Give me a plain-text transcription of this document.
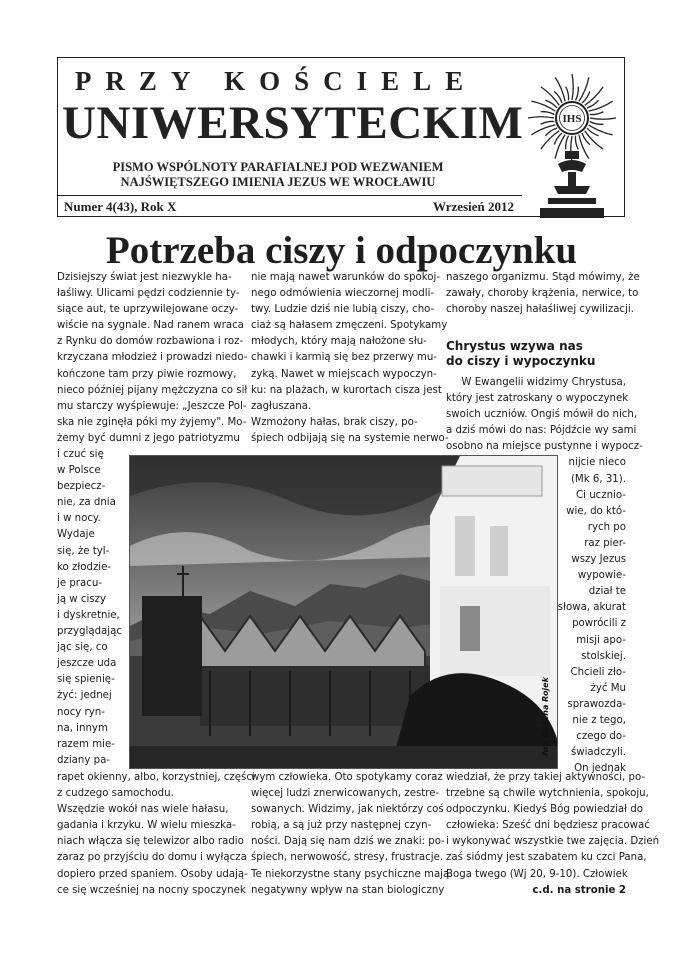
PRZY KOŚCIELE
UNIWERSYTECKIM
PISMO WSPÓLNOTY PARAFIALNEJ POD WEZWANIEM
NAJŚWIĘTSZEGO IMIENIA JEZUS WE WROCŁAWIU
Numer 4(43), Rok X	Wrzesień 2012
IHS
Potrzeba ciszy i odpoczynku
Dzisiejszy świat jest niezwykle ha-
łaśliwy. Ulicami pędzi codziennie ty-
siące aut, te uprzywilejowane oczy-
wiście na sygnale. Nad ranem wraca
z Rynku do domów rozbawiona i roz-
krzyczana młodzież i prowadzi niedo-
kończone tam przy piwie rozmowy,
nieco później pijany mężczyzna co sił
mu starczy wyśpiewuje: „Jeszcze Pol-
ska nie zginęła póki my żyjemy". Mo-
żemy być dumni z jego patriotyzmu
i czuć się
w Polsce
bezpiecz-
nie, za dnia
i w nocy.
Wydaje
się, że tyl-
ko złodzie-
je pracu-
ją w ciszy
i dyskretnie,
przyglądając
jąc się, co
jeszcze uda
się spienię-
żyć: jednej
nocy ryn-
na, innym
razem mie-
dziany pa-
rapet okienny, albo, korzystniej, części
z cudzego samochodu.
Wszędzie wokół nas wiele hałasu,
gadania i krzyku. W wielu mieszka-
niach włącza się telewizor albo radio
zaraz po przyjściu do domu i wyłącza
dopiero przed spaniem. Osoby udają-
ce się wcześniej na nocny spoczynek
nie mają nawet warunków do spokoj-
nego odmówienia wieczornej modli-
twy. Ludzie dziś nie lubią ciszy, cho-
ciaż są hałasem zmęczeni. Spotykamy
młodych, który mają nałożone słu-
chawki i karmią się bez przerwy mu-
zyką. Nawet w miejscach wypoczyn-
ku: na plażach, w kurortach cisza jest
zagłuszana.
Wzmożony hałas, brak ciszy, po-
śpiech odbijają się na systemie nerwo-
wym człowieka. Oto spotykamy coraz
więcej ludzi znerwicowanych, zestre-
sowanych. Widzimy, jak niektórzy coś
robią, a są już przy następnej czyn-
ności. Dają się nam dziś we znaki: po-
śpiech, nerwowość, stresy, frustracje.
Te niekorzystne stany psychiczne mają
negatywny wpływ na stan biologiczny
naszego organizmu. Stąd mówimy, że
zawały, choroby krążenia, nerwice, to
choroby naszej hałaśliwej cywilizacji.
Chrystus wzywa nas
do ciszy i wypoczynku
W Ewangelii widzimy Chrystusa,
który jest zatroskany o wypoczynek
swoich uczniów. Ongiś mówił do nich,
a dziś mówi do nas: Pójdźcie wy sami
osobno na miejsce pustynne i wypocz-
nijcie nieco
(Mk 6, 31).
Ci ucznio-
wie, do któ-
rych po
raz pier-
wszy Jezus
wypowie-
dział te
słowa, akurat
powrócili z
misji apo-
stolskiej.
Chcieli zło-
żyć Mu
sprawozda-
nie z tego,
czego do-
świadczyli.
On jednak
wiedział, że przy takiej aktywności, po-
trzebne są chwile wytchnienia, spokoju,
odpoczynku. Kiedyś Bóg powiedział do
człowieka: Sześć dni będziesz pracować
i wykonywać wszystkie twe zajęcia. Dzień
zaś siódmy jest szabatem ku czci Pana,
Boga twego (Wj 20, 9-10). Człowiek
c.d. na stronie 2
fot. Bożena Rojek
